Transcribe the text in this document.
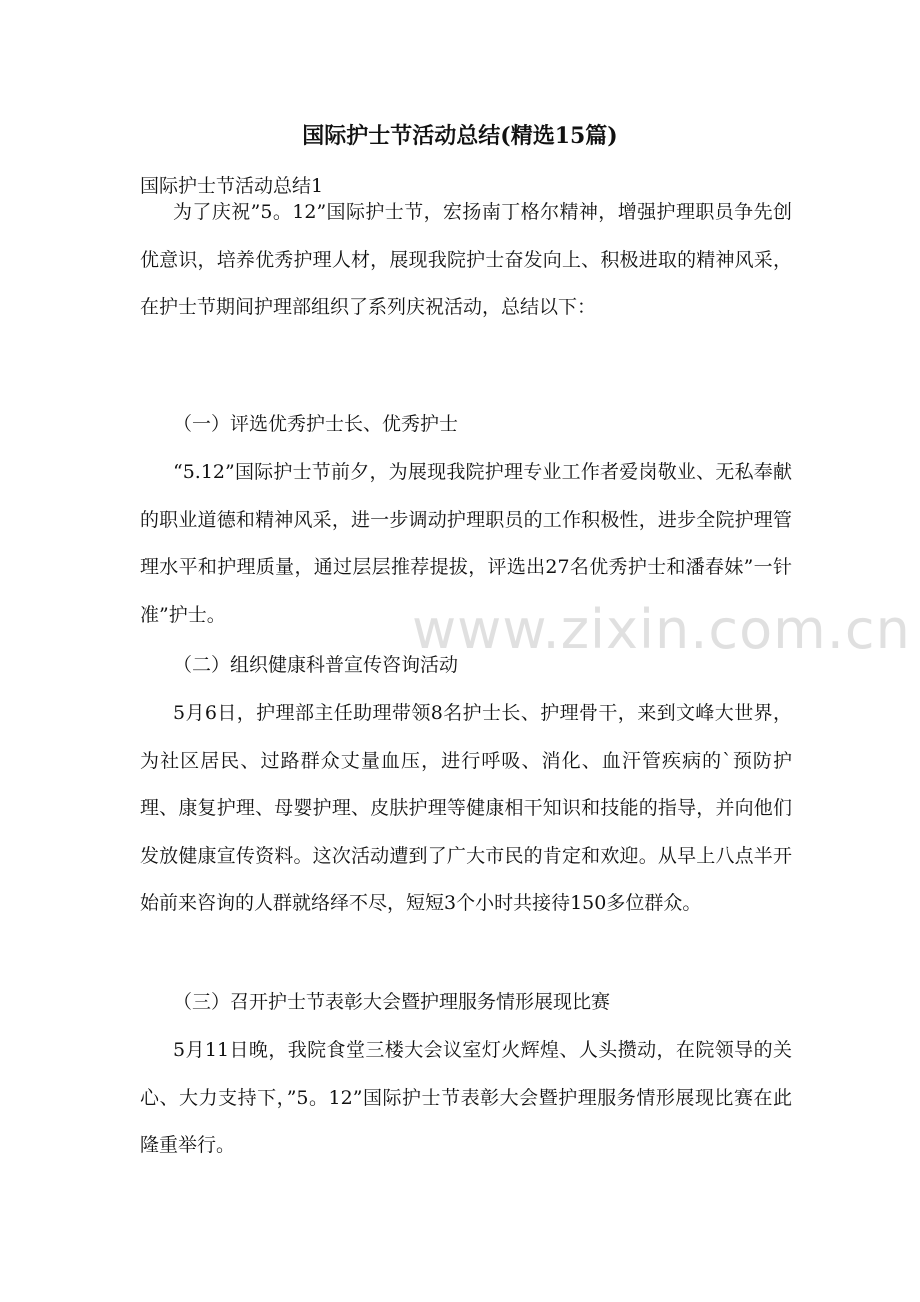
国际护士节活动总结(精选15篇)
国际护士节活动总结1
为了庆祝”5。12”国际护士节，宏扬南丁格尔精神，增强护理职员争先创优意识，培养优秀护理人材，展现我院护士奋发向上、积极进取的精神风采，在护士节期间护理部组织了系列庆祝活动，总结以下：
（一）评选优秀护士长、优秀护士
“5.12”国际护士节前夕，为展现我院护理专业工作者爱岗敬业、无私奉献的职业道德和精神风采，进一步调动护理职员的工作积极性，进步全院护理管理水平和护理质量，通过层层推荐提拔，评选出27名优秀护士和潘春妹”一针准”护士。
（二）组织健康科普宣传咨询活动
5月6日，护理部主任助理带领8名护士长、护理骨干，来到文峰大世界，为社区居民、过路群众丈量血压，进行呼吸、消化、血汗管疾病的`预防护理、康复护理、母婴护理、皮肤护理等健康相干知识和技能的指导，并向他们发放健康宣传资料。这次活动遭到了广大市民的肯定和欢迎。从早上八点半开始前来咨询的人群就络绎不尽，短短3个小时共接待150多位群众。
（三）召开护士节表彰大会暨护理服务情形展现比赛
5月11日晚，我院食堂三楼大会议室灯火辉煌、人头攒动，在院领导的关心、大力支持下，”5。12”国际护士节表彰大会暨护理服务情形展现比赛在此隆重举行。
www.zixin.com.cn
